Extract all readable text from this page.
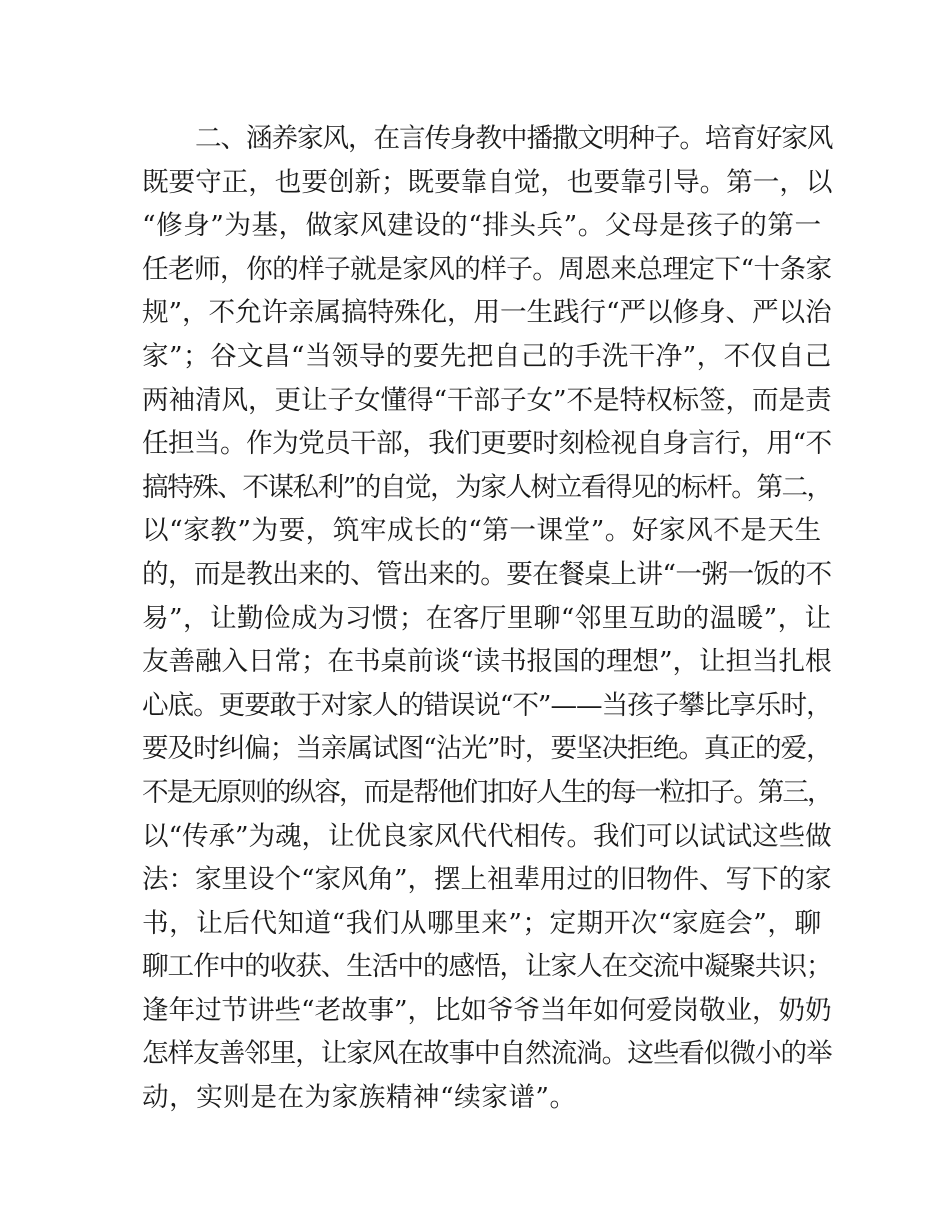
二、涵养家风，在言传身教中播撒文明种子。培育好家风
既要守正，也要创新；既要靠自觉，也要靠引导。第一，以
“修身”为基，做家风建设的“排头兵”。父母是孩子的第一
任老师，你的样子就是家风的样子。周恩来总理定下“十条家
规”，不允许亲属搞特殊化，用一生践行“严以修身、严以治
家”；谷文昌“当领导的要先把自己的手洗干净”，不仅自己
两袖清风，更让子女懂得“干部子女”不是特权标签，而是责
任担当。作为党员干部，我们更要时刻检视自身言行，用“不
搞特殊、不谋私利”的自觉，为家人树立看得见的标杆。第二，
以“家教”为要，筑牢成长的“第一课堂”。好家风不是天生
的，而是教出来的、管出来的。要在餐桌上讲“一粥一饭的不
易”，让勤俭成为习惯；在客厅里聊“邻里互助的温暖”，让
友善融入日常；在书桌前谈“读书报国的理想”，让担当扎根
心底。更要敢于对家人的错误说“不”——当孩子攀比享乐时，
要及时纠偏；当亲属试图“沾光”时，要坚决拒绝。真正的爱，
不是无原则的纵容，而是帮他们扣好人生的每一粒扣子。第三，
以“传承”为魂，让优良家风代代相传。我们可以试试这些做
法：家里设个“家风角”，摆上祖辈用过的旧物件、写下的家
书，让后代知道“我们从哪里来”；定期开次“家庭会”，聊
聊工作中的收获、生活中的感悟，让家人在交流中凝聚共识；
逢年过节讲些“老故事”，比如爷爷当年如何爱岗敬业，奶奶
怎样友善邻里，让家风在故事中自然流淌。这些看似微小的举
动，实则是在为家族精神“续家谱”。
